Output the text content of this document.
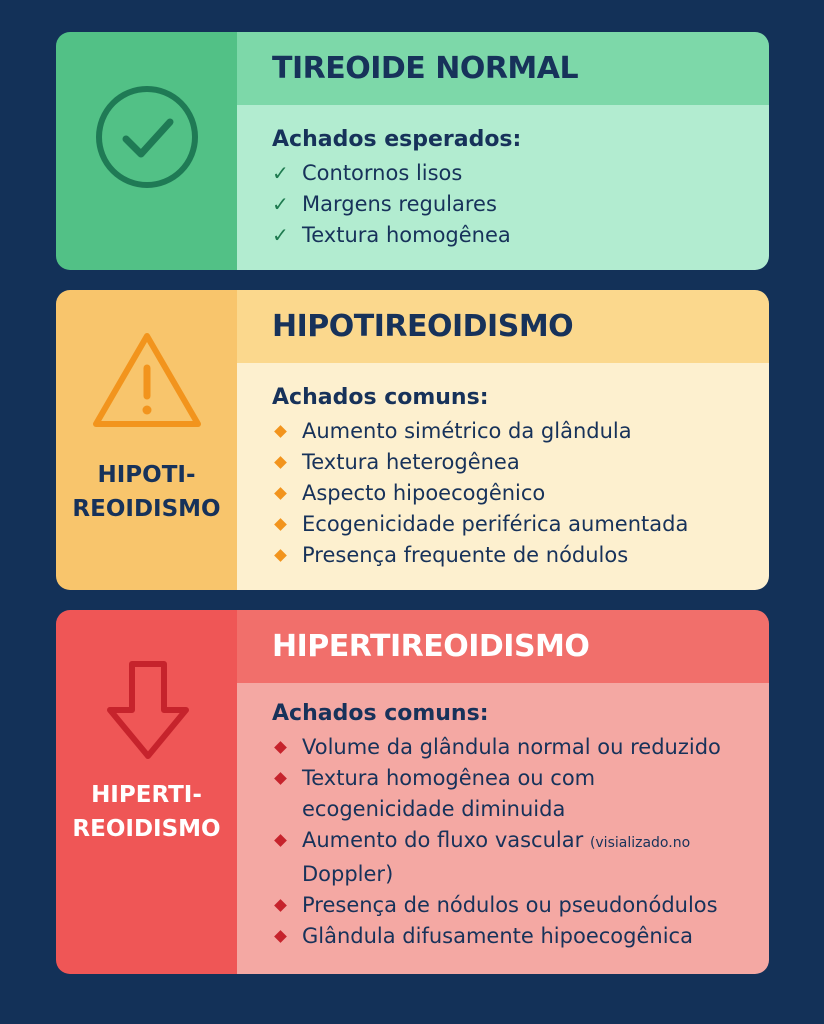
TIREOIDE NORMAL
Achados esperados:
✓ Contornos lisos
✓ Margens regulares
✓ Textura homogênea
HIPOTI-
REOIDISMO
HIPOTIREOIDISMO
Achados comuns:
Aumento simétrico da glândula
Textura heterogênea
Aspecto hipoecogênico
Ecogenicidade periférica aumentada
Presença frequente de nódulos
HIPERTI-
REOIDISMO
HIPERTIREOIDISMO
Achados comuns:
Volume da glândula normal ou reduzido
Textura homogênea ou com ecogenicidade diminuida
Aumento do fluxo vascular (visializado.no
Doppler)
Presença de nódulos ou pseudonódulos
Glândula difusamente hipoecogênica
